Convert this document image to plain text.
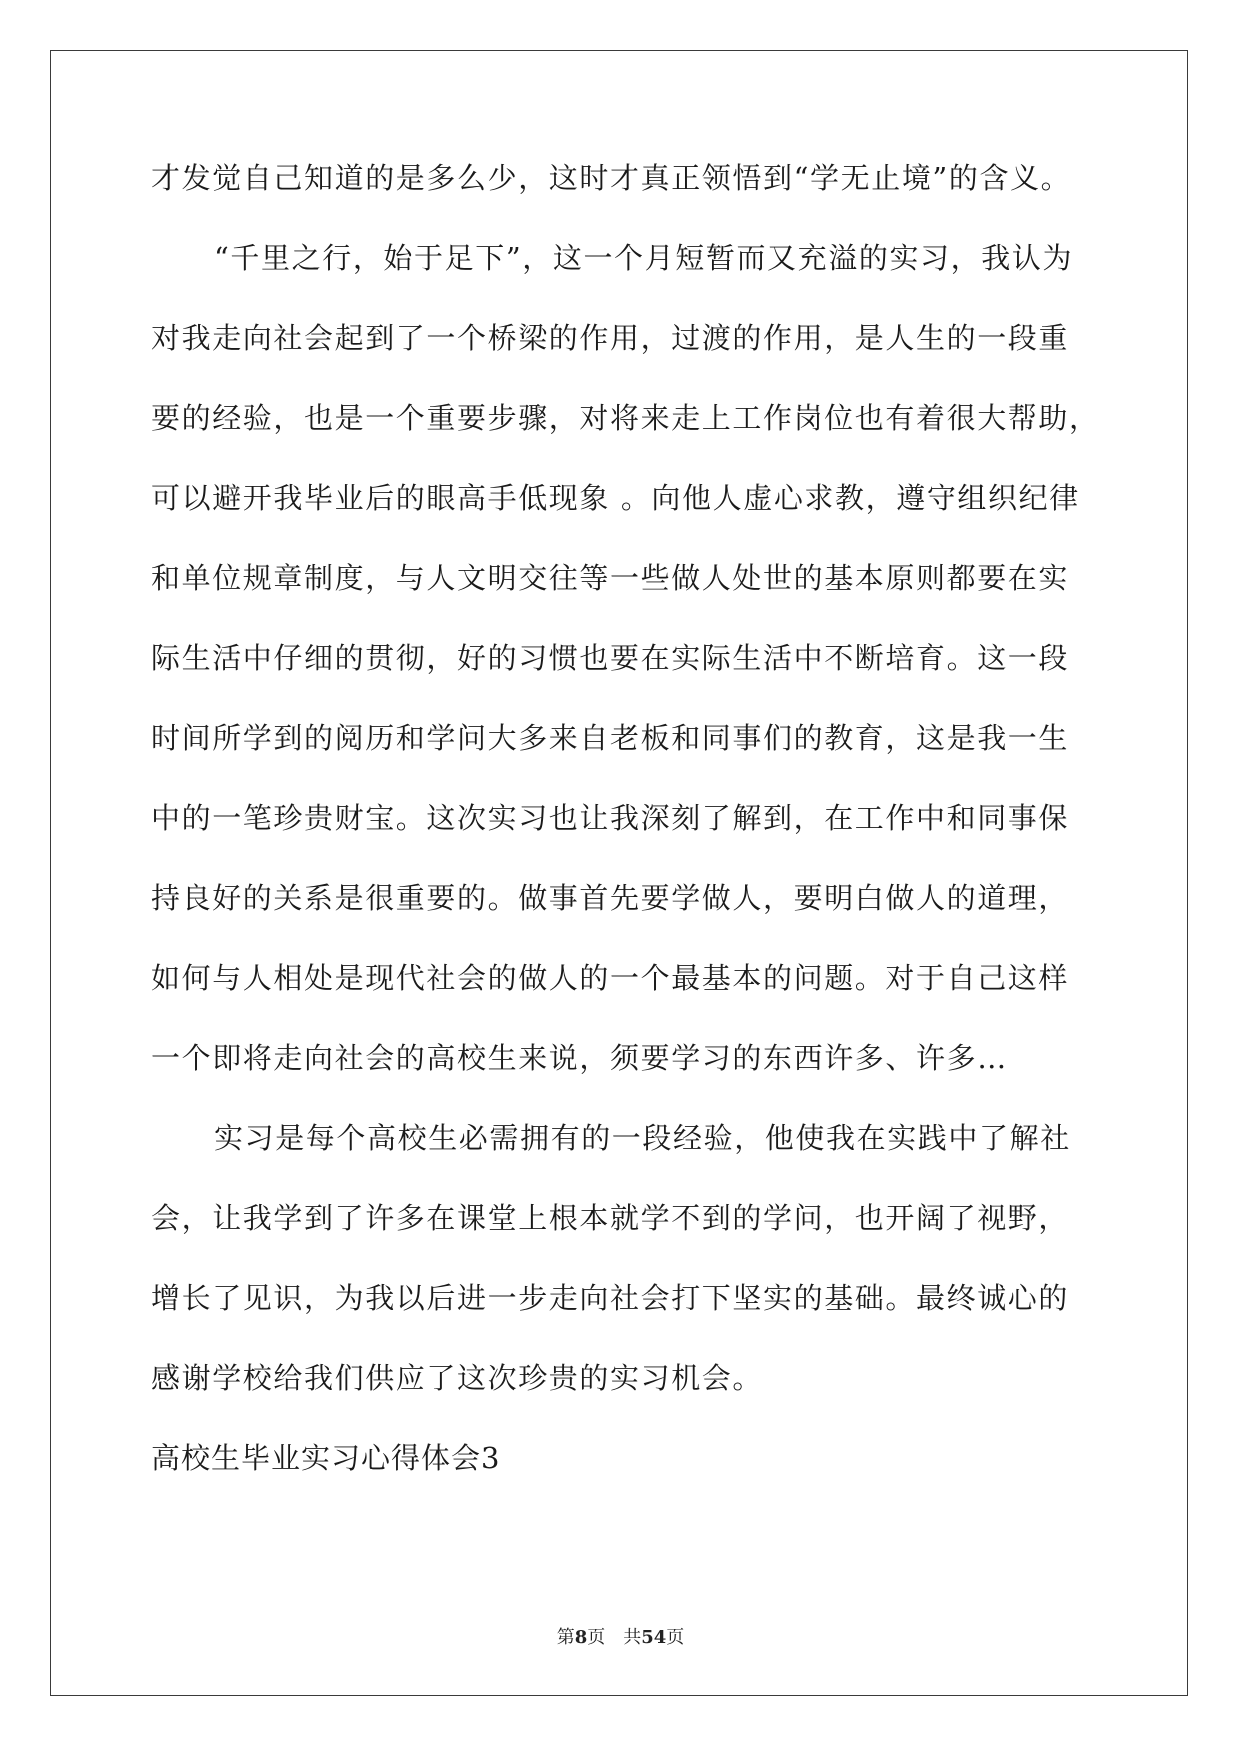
才发觉自己知道的是多么少，这时才真正领悟到“学无止境”的含义。
“千里之行，始于足下”，这一个月短暂而又充溢的实习，我认为
对我走向社会起到了一个桥梁的作用，过渡的作用，是人生的一段重
要的经验，也是一个重要步骤，对将来走上工作岗位也有着很大帮助，
可以避开我毕业后的眼高手低现象 。向他人虚心求教，遵守组织纪律
和单位规章制度，与人文明交往等一些做人处世的基本原则都要在实
际生活中仔细的贯彻，好的习惯也要在实际生活中不断培育。这一段
时间所学到的阅历和学问大多来自老板和同事们的教育，这是我一生
中的一笔珍贵财宝。这次实习也让我深刻了解到，在工作中和同事保
持良好的关系是很重要的。做事首先要学做人，要明白做人的道理，
如何与人相处是现代社会的做人的一个最基本的问题。对于自己这样
一个即将走向社会的高校生来说，须要学习的东西许多、许多…
实习是每个高校生必需拥有的一段经验，他使我在实践中了解社
会，让我学到了许多在课堂上根本就学不到的学问，也开阔了视野，
增长了见识，为我以后进一步走向社会打下坚实的基础。最终诚心的
感谢学校给我们供应了这次珍贵的实习机会。
高校生毕业实习心得体会3
第8页 共54页
